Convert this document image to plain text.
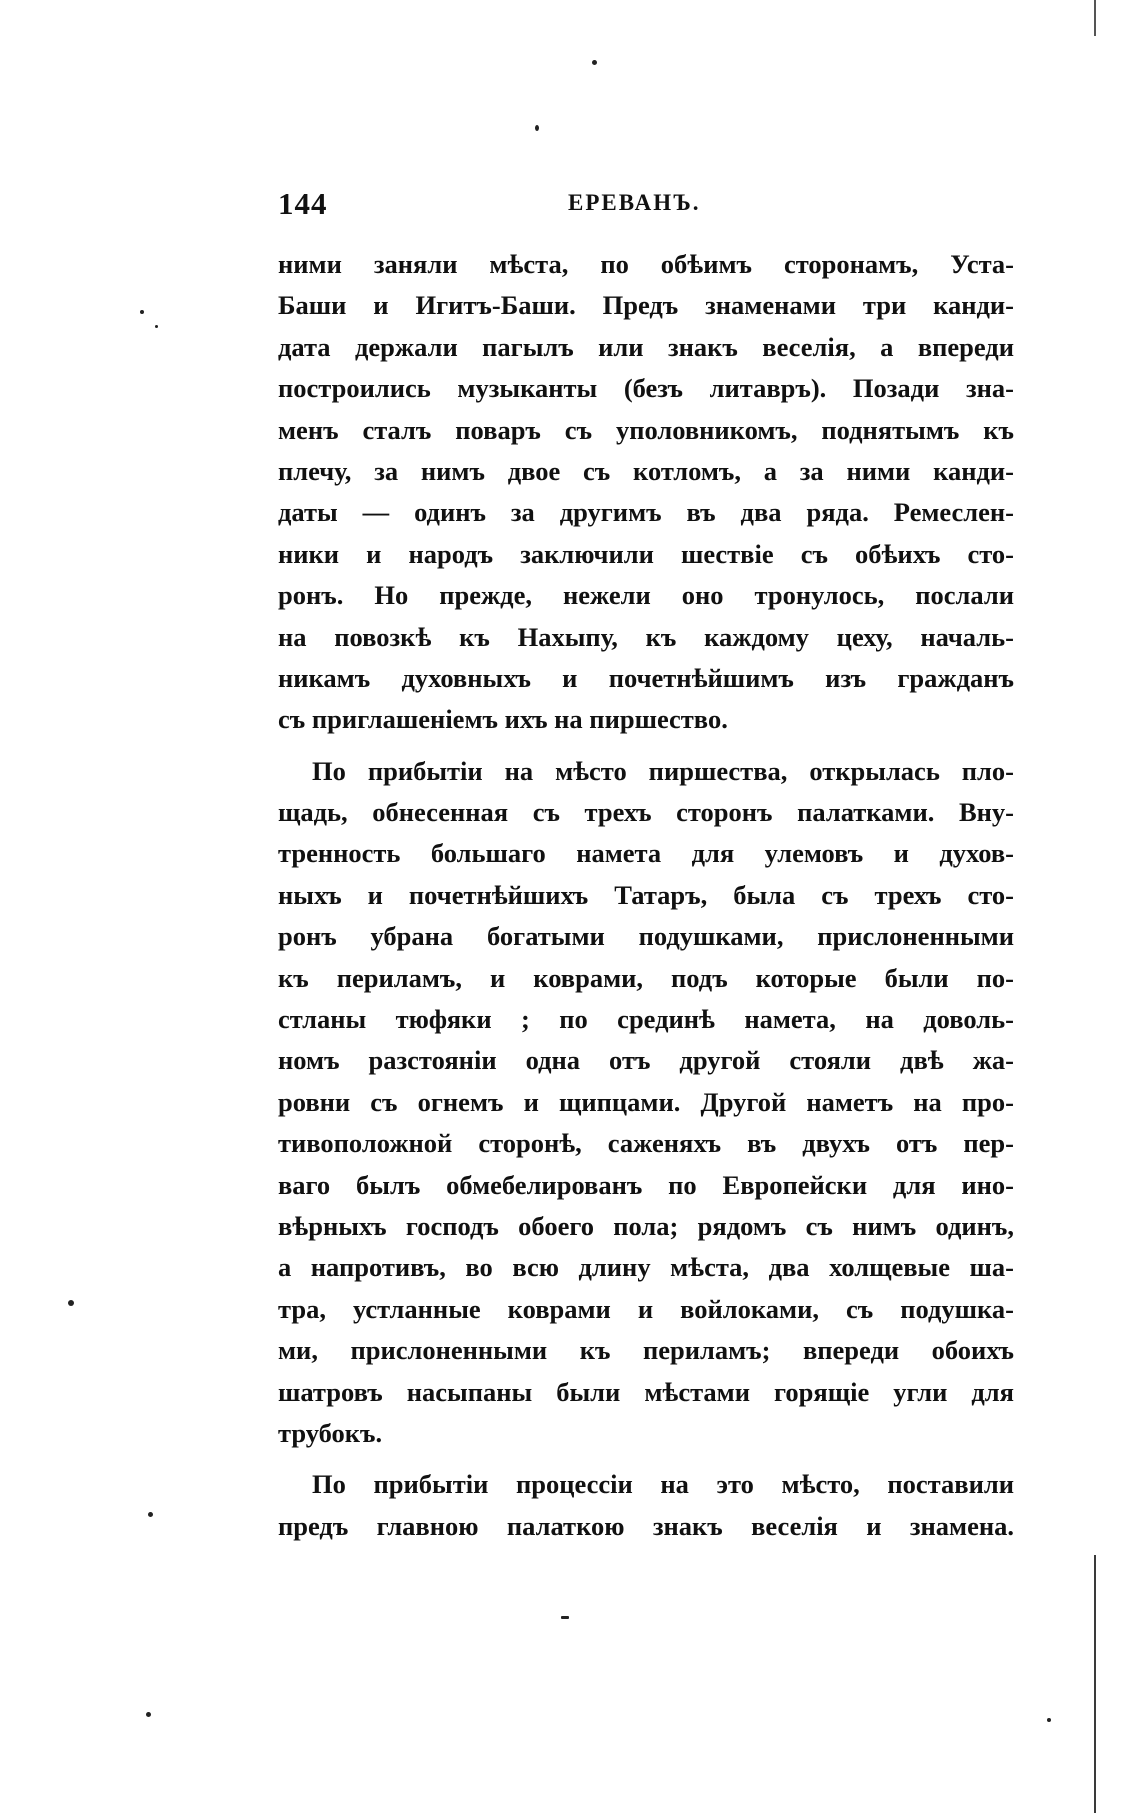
144	ЕРЕВАНЪ.

ними заняли мѣста, по обѣимъ сторонамъ, Уста-
Баши и Игитъ-Баши. Предъ знаменами три канди-
дата держали пагылъ или знакъ веселія, а впереди
построились музыканты (безъ литавръ). Позади зна-
менъ сталъ поваръ съ уполовникомъ, поднятымъ къ
плечу, за нимъ двое съ котломъ, а за ними канди-
даты — одинъ за другимъ въ два ряда. Ремеслен-
ники и народъ заключили шествіе съ обѣихъ сто-
ронъ. Но прежде, нежели оно тронулось, послали
на повозкѣ къ Нахыпу, къ каждому цеху, началь-
никамъ духовныхъ и почетнѣйшимъ изъ гражданъ
съ приглашеніемъ ихъ на пиршество.

По прибытіи на мѣсто пиршества, открылась пло-
щадь, обнесенная съ трехъ сторонъ палатками. Вну-
тренность большаго намета для улемовъ и духов-
ныхъ и почетнѣйшихъ Татаръ, была съ трехъ сто-
ронъ убрана богатыми подушками, прислоненными
къ периламъ, и коврами, подъ которые были по-
стланы тюфяки ; по срединѣ намета, на доволь-
номъ разстояніи одна отъ другой стояли двѣ жа-
ровни съ огнемъ и щипцами. Другой наметъ на про-
тивоположной сторонѣ, саженяхъ въ двухъ отъ пер-
ваго былъ обмебелированъ по Европейски для ино-
вѣрныхъ господъ обоего пола; рядомъ съ нимъ одинъ,
а напротивъ, во всю длину мѣста, два холщевые ша-
тра, устланные коврами и войлоками, съ подушка-
ми, прислоненными къ периламъ; впереди обоихъ
шатровъ насыпаны были мѣстами горящіе угли для
трубокъ.

По прибытіи процессіи на это мѣсто, поставили
предъ главною палаткою знакъ веселія и знамена.
